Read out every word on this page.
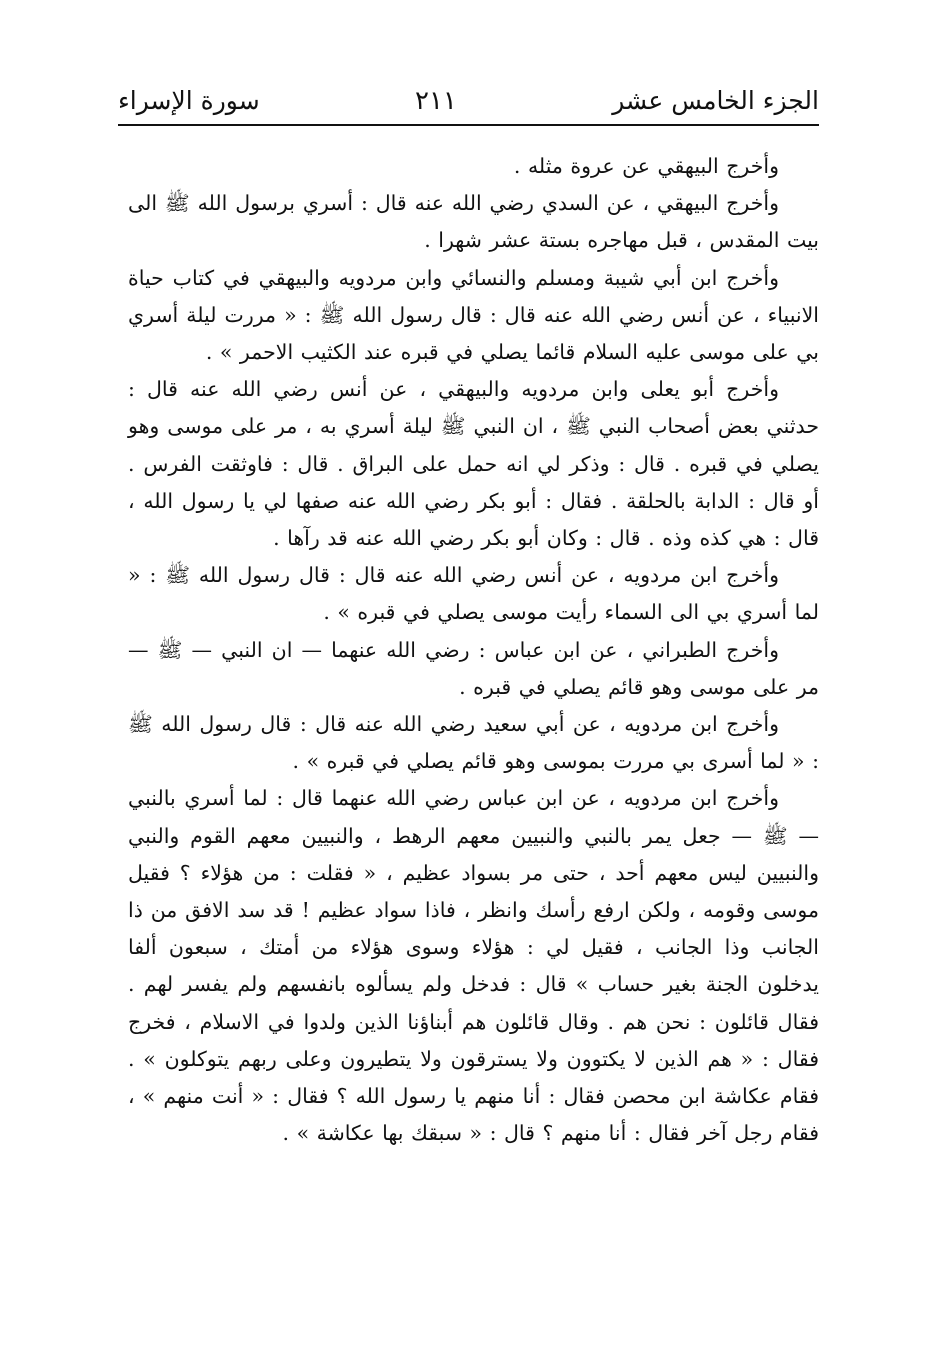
الجزء الخامس عشر
٢١١
سورة الإسراء

وأخرج البيهقي عن عروة مثله .

وأخرج البيهقي ، عن السدي رضي الله عنه قال : أسري برسول الله ﷺ الى بيت المقدس ، قبل مهاجره بستة عشر شهرا .

وأخرج ابن أبي شيبة ومسلم والنسائي وابن مردويه والبيهقي في كتاب حياة الانبياء ، عن أنس رضي الله عنه قال : قال رسول الله ﷺ : « مررت ليلة أسري بي على موسى عليه السلام قائما يصلي في قبره عند الكثيب الاحمر » .

وأخرج أبو يعلى وابن مردويه والبيهقي ، عن أنس رضي الله عنه قال : حدثني بعض أصحاب النبي ﷺ ، ان النبي ﷺ ليلة أسري به ، مر على موسى وهو يصلي في قبره . قال : وذكر لي انه حمل على البراق . قال : فاوثقت الفرس . أو قال : الدابة بالحلقة . فقال : أبو بكر رضي الله عنه صفها لي يا رسول الله ، قال : هي كذه وذه . قال : وكان أبو بكر رضي الله عنه قد رآها .

وأخرج ابن مردويه ، عن أنس رضي الله عنه قال : قال رسول الله ﷺ : « لما أسري بي الى السماء رأيت موسى يصلي في قبره » .

وأخرج الطبراني ، عن ابن عباس : رضي الله عنهما — ان النبي — ﷺ — مر على موسى وهو قائم يصلي في قبره .

وأخرج ابن مردويه ، عن أبي سعيد رضي الله عنه قال : قال رسول الله ﷺ : « لما أسرى بي مررت بموسى وهو قائم يصلي في قبره » .

وأخرج ابن مردويه ، عن ابن عباس رضي الله عنهما قال : لما أسري بالنبي — ﷺ — جعل يمر بالنبي والنبيين معهم الرهط ، والنبيين معهم القوم والنبي والنبيين ليس معهم أحد ، حتى مر بسواد عظيم ، « فقلت : من هؤلاء ؟ فقيل موسى وقومه ، ولكن ارفع رأسك وانظر ، فاذا سواد عظيم ! قد سد الافق من ذا الجانب وذا الجانب ، فقيل لي : هؤلاء وسوى هؤلاء من أمتك ، سبعون ألفا يدخلون الجنة بغير حساب » قال : فدخل ولم يسألوه بانفسهم ولم يفسر لهم . فقال قائلون : نحن هم . وقال قائلون هم أبناؤنا الذين ولدوا في الاسلام ، فخرج فقال : « هم الذين لا يكتوون ولا يسترقون ولا يتطيرون وعلى ربهم يتوكلون » . فقام عكاشة ابن محصن فقال : أنا منهم يا رسول الله ؟ فقال : « أنت منهم » ، فقام رجل آخر فقال : أنا منهم ؟ قال : « سبقك بها عكاشة » .
